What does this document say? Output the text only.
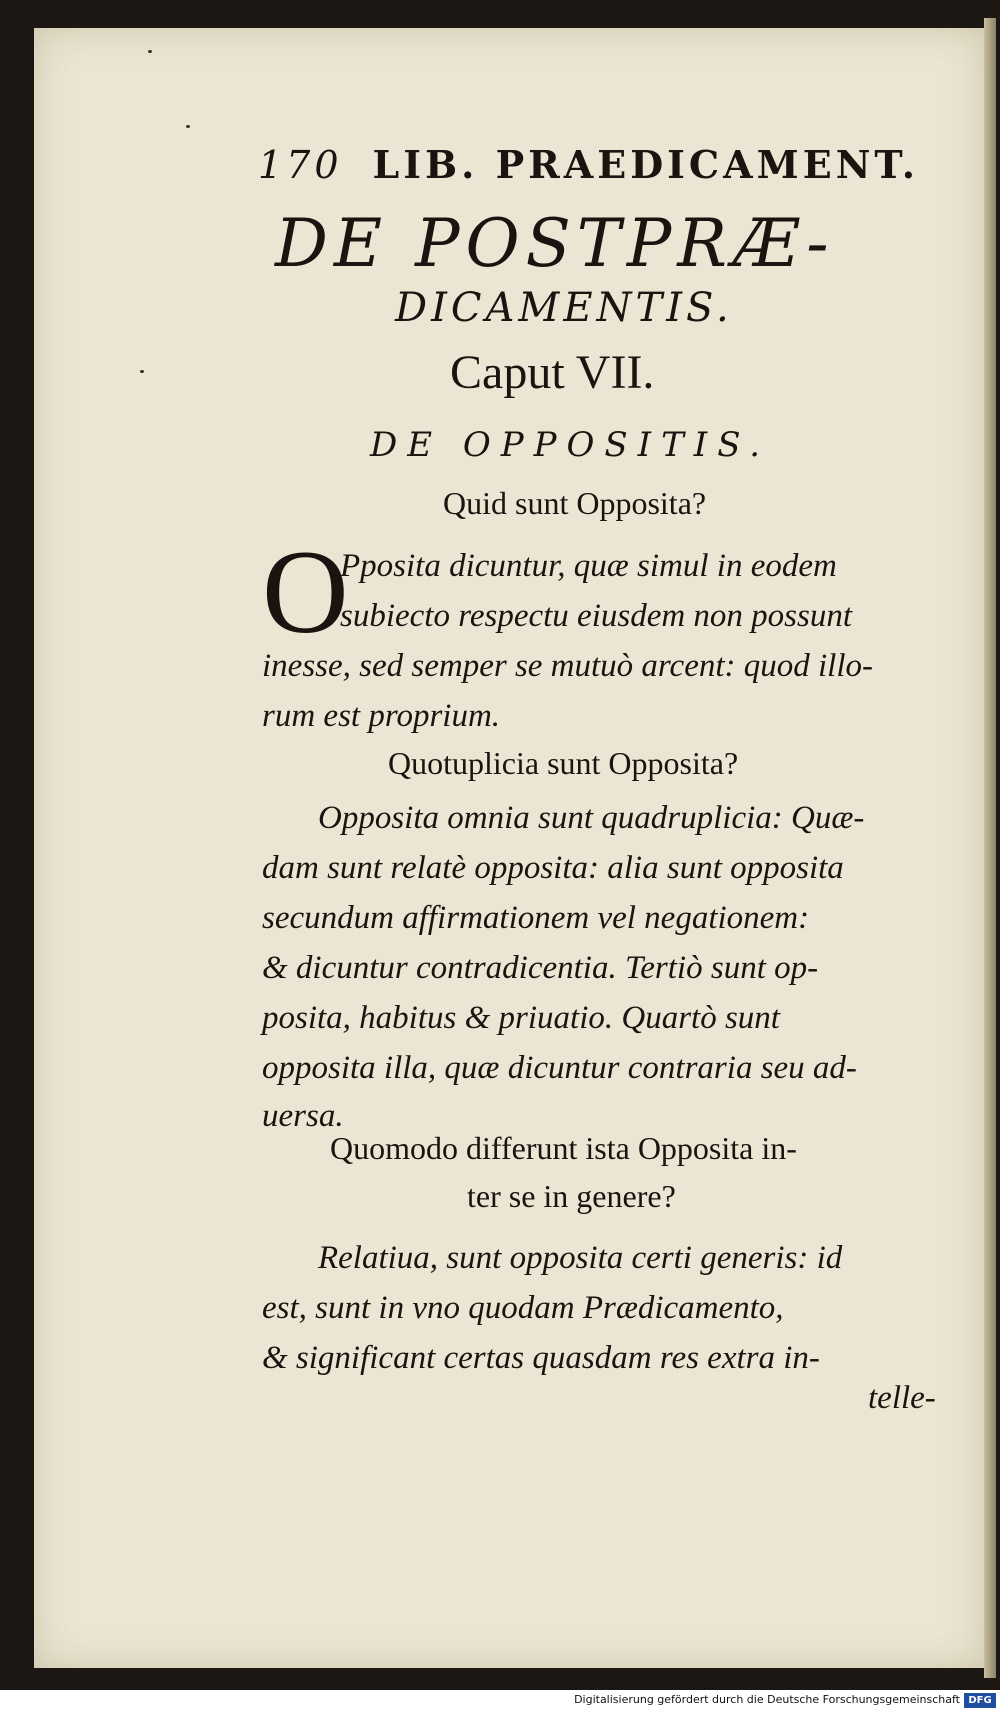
170 LIB. PRAEDICAMENT.
DE POSTPRÆ-
DICAMENTIS.
Caput VII.
DE OPPOSITIS.
Quid sunt Opposita?
O
Pposita dicuntur, quæ simul in eodem
subiecto respectu eiusdem non possunt
inesse, sed semper se mutuò arcent: quod illo-
rum est proprium.
Quotuplicia sunt Opposita?
Opposita omnia sunt quadruplicia: Quæ-
dam sunt relatè opposita: alia sunt opposita
secundum affirmationem vel negationem:
& dicuntur contradicentia. Tertiò sunt op-
posita, habitus & priuatio. Quartò sunt
opposita illa, quæ dicuntur contraria seu ad-
uersa.
Quomodo differunt ista Opposita in-
ter se in genere?
Relatiua, sunt opposita certi generis: id
est, sunt in vno quodam Prædicamento,
& significant certas quasdam res extra in-
telle-
Digitalisierung gefördert durch die Deutsche Forschungsgemeinschaft DFG
